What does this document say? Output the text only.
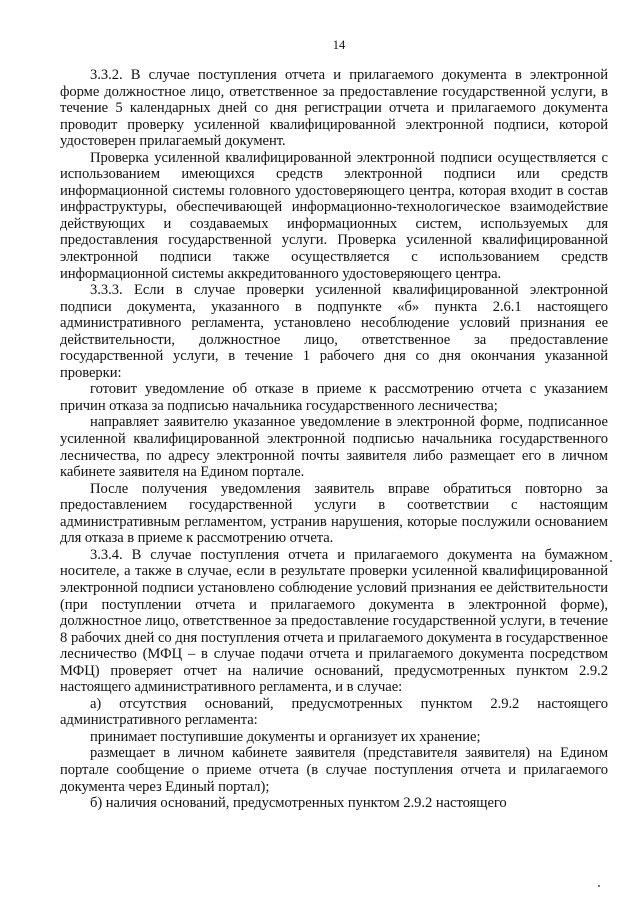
14

3.3.2. В случае поступления отчета и прилагаемого документа в электронной форме должностное лицо, ответственное за предоставление государственной услуги, в течение 5 календарных дней со дня регистрации отчета и прилагаемого документа проводит проверку усиленной квалифицированной электронной подписи, которой удостоверен прилагаемый документ.

Проверка усиленной квалифицированной электронной подписи осуществляется с использованием имеющихся средств электронной подписи или средств информационной системы головного удостоверяющего центра, которая входит в состав инфраструктуры, обеспечивающей информационно-технологическое взаимодействие действующих и создаваемых информационных систем, используемых для предоставления государственной услуги. Проверка усиленной квалифицированной электронной подписи также осуществляется с использованием средств информационной системы аккредитованного удостоверяющего центра.

3.3.3. Если в случае проверки усиленной квалифицированной электронной подписи документа, указанного в подпункте «б» пункта 2.6.1 настоящего административного регламента, установлено несоблюдение условий признания ее действительности, должностное лицо, ответственное за предоставление государственной услуги, в течение 1 рабочего дня со дня окончания указанной проверки:

готовит уведомление об отказе в приеме к рассмотрению отчета с указанием причин отказа за подписью начальника государственного лесничества;

направляет заявителю указанное уведомление в электронной форме, подписанное усиленной квалифицированной электронной подписью начальника государственного лесничества, по адресу электронной почты заявителя либо размещает его в личном кабинете заявителя на Едином портале.

После получения уведомления заявитель вправе обратиться повторно за предоставлением государственной услуги в соответствии с настоящим административным регламентом, устранив нарушения, которые послужили основанием для отказа в приеме к рассмотрению отчета.

3.3.4. В случае поступления отчета и прилагаемого документа на бумажном носителе, а также в случае, если в результате проверки усиленной квалифицированной электронной подписи установлено соблюдение условий признания ее действительности (при поступлении отчета и прилагаемого документа в электронной форме), должностное лицо, ответственное за предоставление государственной услуги, в течение 8 рабочих дней со дня поступления отчета и прилагаемого документа в государственное лесничество (МФЦ – в случае подачи отчета и прилагаемого документа посредством МФЦ) проверяет отчет на наличие оснований, предусмотренных пунктом 2.9.2 настоящего административного регламента, и в случае:

а) отсутствия оснований, предусмотренных пунктом 2.9.2 настоящего административного регламента:

принимает поступившие документы и организует их хранение;

размещает в личном кабинете заявителя (представителя заявителя) на Едином портале сообщение о приеме отчета (в случае поступления отчета и прилагаемого документа через Единый портал);

б) наличия оснований, предусмотренных пунктом 2.9.2 настоящего
